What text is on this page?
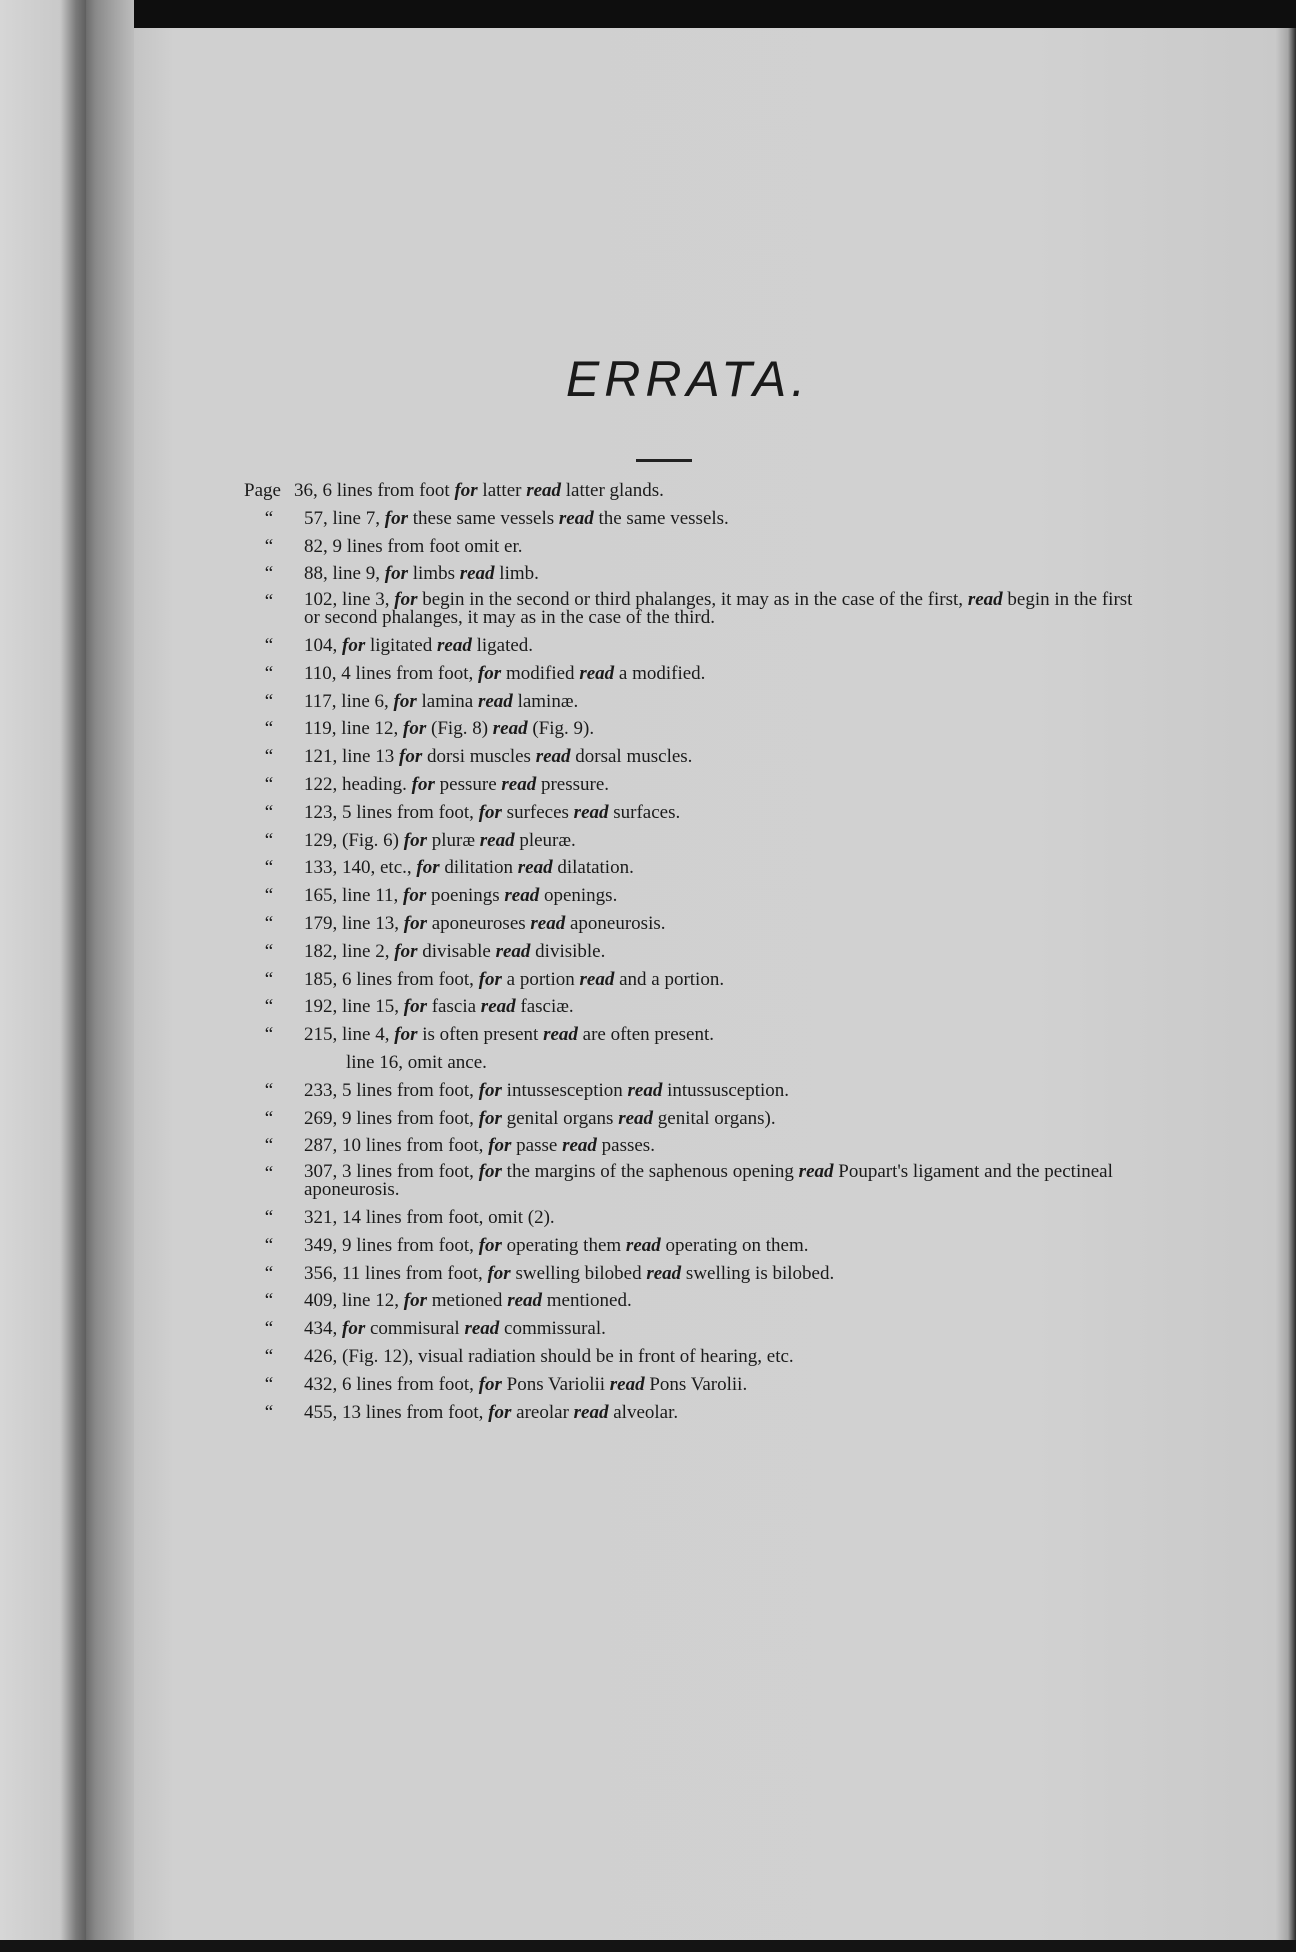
ERRATA.
Page 36, 6 lines from foot for latter read latter glands.
“	57, line 7, for these same vessels read the same vessels.
“	82, 9 lines from foot omit er.
“	88, line 9, for limbs read limb.
“	102, line 3, for begin in the second or third phalanges, it may as in the case of the first, read begin in the first or second phalanges, it may as in the case of the third.
“	104, for ligitated read ligated.
“	110, 4 lines from foot, for modified read a modified.
“	117, line 6, for lamina read laminæ.
“	119, line 12, for (Fig. 8) read (Fig. 9).
“	121, line 13 for dorsi muscles read dorsal muscles.
“	122, heading. for pessure read pressure.
“	123, 5 lines from foot, for surfeces read surfaces.
“	129, (Fig. 6) for pluræ read pleuræ.
“	133, 140, etc., for dilitation read dilatation.
“	165, line 11, for poenings read openings.
“	179, line 13, for aponeuroses read aponeurosis.
“	182, line 2, for divisable read divisible.
“	185, 6 lines from foot, for a portion read and a portion.
“	192, line 15, for fascia read fasciæ.
“	215, line 4, for is often present read are often present.
line 16, omit ance.
“	233, 5 lines from foot, for intussesception read intussusception.
“	269, 9 lines from foot, for genital organs read genital organs).
“	287, 10 lines from foot, for passe read passes.
“	307, 3 lines from foot, for the margins of the saphenous opening read Poupart's ligament and the pectineal aponeurosis.
“	321, 14 lines from foot, omit (2).
“	349, 9 lines from foot, for operating them read operating on them.
“	356, 11 lines from foot, for swelling bilobed read swelling is bilobed.
“	409, line 12, for metioned read mentioned.
“	434, for commisural read commissural.
“	426, (Fig. 12), visual radiation should be in front of hearing, etc.
“	432, 6 lines from foot, for Pons Variolii read Pons Varolii.
“	455, 13 lines from foot, for areolar read alveolar.
